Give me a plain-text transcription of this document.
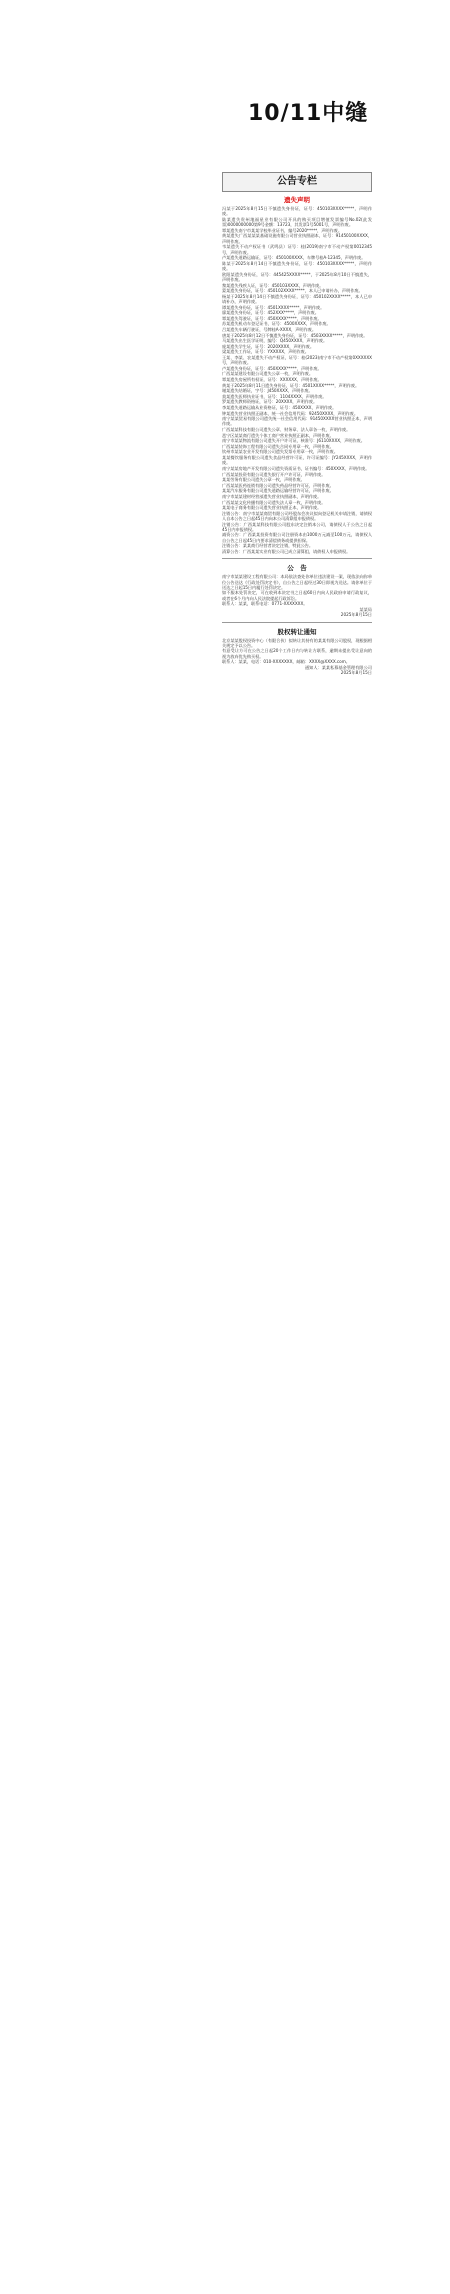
10/11中缝
公告专栏
遗失声明

冯某于2025年8月15日不慎遗失身份证，证号：450103XXXX*****，声明作废。

陆某遗失贵州地福星业有限公司开具的购买项目增值发票编号No.02(此发票)0000000000第9号金额：13723，其发票1号5001号，声明作废。

覃某遗失南宁市某某学校毕业证书，编号2020*****，声明作废。

黄某遗失广西某某某基础设施有限公司营业执照副本，证号：91450100XXXX，声明作废。

韦某遗失不动产权证书（武鸣县）证号：桂(2019)南宁市不动产权第0012345号，声明作废。

卢某遗失道路运输证，证号：450100XXXX，车牌号桂A·12345，声明作废。

陈某于2025年8月14日不慎遗失身份证，证号：450103XXXX*****，声明作废。

欧阳某遗失身份证，证号：445425XXXX*****，于2025年8月10日不慎遗失，声明作废。

黎某遗失残疾人证，证号：450103XXXX，声明作废。

蒙某遗失身份证，证号：450102XXXX*****，本人已申请补办，声明作废。

杨某于2025年8月14日不慎遗失身份证，证号：450102XXXX*****，本人已申请补办，声明作废。

谭某遗失身份证，证号：4501XXXX*****，声明作废。

廖某遗失身份证，证号：452XXX*****，声明作废。

覃某遗失驾驶证，证号：450XXXX*****，声明作废。

苏某遗失机动车登记证书，证号：4500XXXX，声明作废。

吕某遗失车辆行驶证，号牌桂A·XXXX，声明作废。

唐某于2025年8月12日不慎遗失身份证，证号：4503XXXX*****，声明作废。

马某遗失出生医学证明，编号：Q450XXXX，声明作废。

庞某遗失学生证，证号：2020XXXX，声明作废。

梁某遗失工作证，证号：YXXXXX，声明作废。

王某、李某、农某遗失不动产权证，证号：桂(2023)南宁市不动产权第0XXXXXX号，声明作废。

卢某遗失身份证，证号：450XXXX*****，声明作废。

广西某某建设有限公司遗失公章一枚，声明作废。

覃某遗失房屋所有权证，证号：XXXXXX，声明作废。

黄某于2025年8月11日遗失身份证，证号：4501XXXX*****，声明作废。

谢某遗失结婚证，字号：J450XXXX，声明作废。

莫某遗失医师执业证书，证号：1104XXXX，声明作废。

罗某遗失教师资格证，证号：20XXXX，声明作废。

李某遗失道路运输从业资格证，证号：450XXXX，声明作废。

钟某遗失营业执照正副本，统一社会信用代码：92450XXXX，声明作废。

南宁某某贸易有限公司遗失统一社会信用代码：91450XXXX营业执照正本，声明作废。

广西某某科技有限公司遗失公章、财务章、法人章各一枚，声明作废。

邕宁区某某商行遗失个体工商户营业执照正副本，声明作废。

南宁市某某物流有限公司遗失开户许可证，核准号：J6110XXXX，声明作废。

广西某某装饰工程有限公司遗失合同专用章一枚，声明作废。

钦州市某某农业开发有限公司遗失发票专用章一枚，声明作废。

某某餐饮服务有限公司遗失食品经营许可证，许可证编号：JY245XXXX，声明作废。

南宁某某房地产开发有限公司遗失资质证书，证书编号：450XXXX，声明作废。

广西某某投资有限公司遗失银行开户许可证，声明作废。

某某劳务有限公司遗失公章一枚，声明作废。

广西某某医药连锁有限公司遗失药品经营许可证，声明作废。

某某汽车服务有限公司遗失道路运输经营许可证，声明作废。

南宁市某某建材经营部遗失营业执照副本，声明作废。

广西某某文化传播有限公司遗失法人章一枚，声明作废。

某某电子商务有限公司遗失营业执照正本，声明作废。

注销公告：南宁市某某商贸有限公司经股东会决议拟向登记机关申请注销，请债权人自本公告之日起45日内向本公司清算组申报债权。

注销公告：广西某某科技有限公司股东决定注销本公司，请债权人于公告之日起45日内申报债权。

减资公告：广西某某投资有限公司注册资本由1000万元减至100万元，请债权人自公告之日起45日内要求清偿债务或提供担保。

注销公告：某某商行经营者决定注销，特此公告。

清算公告：广西某某实业有限公司已成立清算组，请债权人申报债权。

公　告

南宁市某某建设工程有限公司：本局依法查处你单位违法建设一案，现依法向你单位公告送达《行政处罚决定书》，自公告之日起经过30日即视为送达。请你单位于送达之日起15日内履行处罚决定。

如不服本处罚决定，可在收到本决定书之日起60日内向人民政府申请行政复议，或者在6个月内向人民法院提起行政诉讼。

联系人：某某，联系电话：0771-XXXXXXX。

某某局
2025年8月15日
股权转让通知

北京某某股权投资中心（有限合伙）拟转让其持有的某某有限公司股权，现根据相关规定予以公告。

有意受让方可在公告之日起20个工作日内与转让方联系，逾期未提出受让意向的视为放弃优先购买权。

联系人：某某，电话：010-XXXXXXX，邮箱：XXXX@XXXX.com。

通知人：某某私募基金管理有限公司
2025年8月15日
